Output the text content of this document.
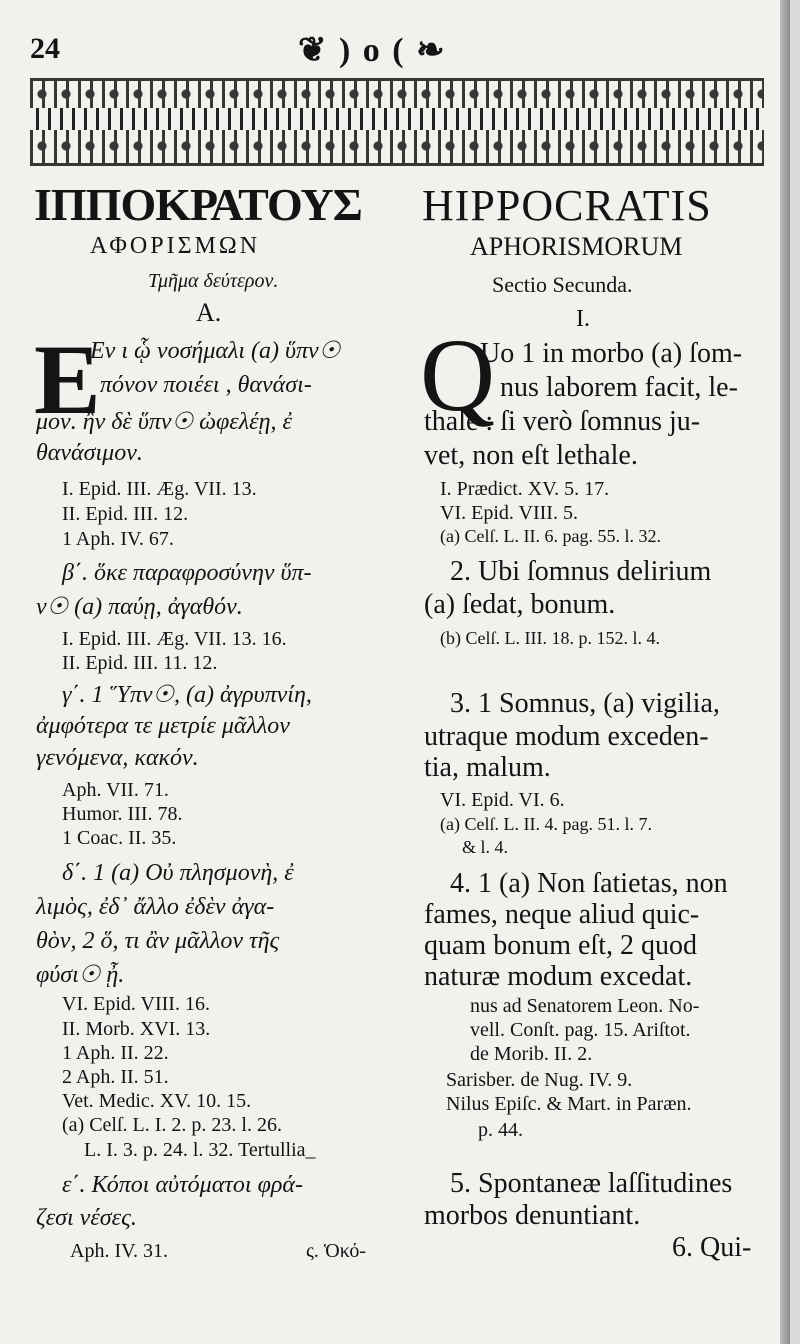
24	❦ ) o ( ❧
ΙΠΠΟΚΡΑΤΟΥΣ HIPPOCRATIS
ΑΦΟΡΙΣΜΩΝ
Τμῆμα δεύτερον.
Α.
APHORISMORUM
Sectio Secunda.
I.
Ε	Q
Εν ι ᾧ νοσήμαλι (a) ὕπν☉
πόνον ποιέει , θανάσι-
μον. ἢν δὲ ὕπν☉ ὠφελέῃ, ἐ
θανάσιμον.
I. Epid. III. Æg. VII. 13.
II. Epid. III. 12.
1 Aph. IV. 67.
β΄. ὅκε παραφροσύνην ὕπ-
ν☉ (a) παύῃ, ἀγαθόν.
I. Epid. III. Æg. VII. 13. 16.
II. Epid. III. 11. 12.
γ΄. 1 Ὕπν☉, (a) ἀγρυπνίη,
ἀμφότερα τε μετρίε μᾶλλον
γενόμενα, κακόν.
Aph. VII. 71.
Humor. III. 78.
1 Coac. II. 35.
δ΄. 1 (a) Οὐ πλησμονὴ, ἐ
λιμὸς, ἐδ᾽ ἄλλο ἐδὲν ἀγα-
θὸν, 2 ὅ, τι ἂν μᾶλλον τῆς
φύσι☉ ᾖ.
VI. Epid. VIII. 16.
II. Morb. XVI. 13.
1 Aph. II. 22.
2 Aph. II. 51.
Vet. Medic. XV. 10. 15.
(a) Celſ. L. I. 2. p. 23. l. 26.
L. I. 3. p. 24. l. 32. Tertullia_
ε΄. Κόποι αὐτόματοι φρά-
ζεσι νέσες.
Aph. IV. 31.
Uo 1 in morbo (a) ſom-
nus laborem facit, le-
thale : ſi verò ſomnus ju-
vet, non eſt lethale.
I. Prædict. XV. 5. 17.
VI. Epid. VIII. 5.
(a) Celſ. L. II. 6. pag. 55. l. 32.
2. Ubi ſomnus delirium
(a) ſedat, bonum.
(b) Celſ. L. III. 18. p. 152. l. 4.
3. 1 Somnus, (a) vigilia,
utraque modum exceden-
tia, malum.
VI. Epid. VI. 6.
(a) Celſ. L. II. 4. pag. 51. l. 7.
& l. 4.
4. 1 (a) Non ſatietas, non
fames, neque aliud quic-
quam bonum eſt, 2 quod
naturæ modum excedat.
nus ad Senatorem Leon. No-
vell. Conſt. pag. 15. Ariſtot.
de Morib. II. 2.
Sarisber. de Nug. IV. 9.
Nilus Epiſc. & Mart. in Paræn.
p. 44.
5. Spontaneæ laſſitudines
morbos denuntiant.
6. Qui-
ς. Ὁκό-
